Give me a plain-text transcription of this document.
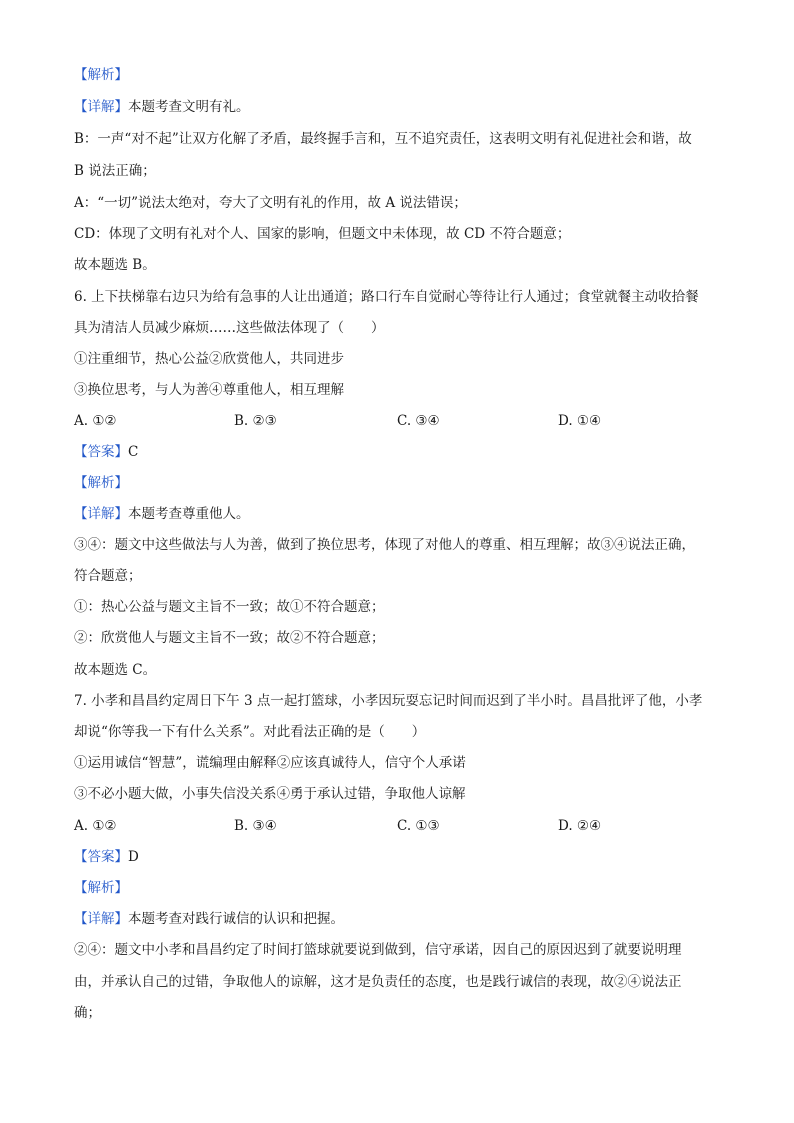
【解析】
【详解】本题考查文明有礼。
B：一声“对不起”让双方化解了矛盾，最终握手言和，互不追究责任，这表明文明有礼促进社会和谐，故
B 说法正确；
A：“一切”说法太绝对，夸大了文明有礼的作用，故 A 说法错误；
CD：体现了文明有礼对个人、国家的影响，但题文中未体现，故 CD 不符合题意；
故本题选 B。
6. 上下扶梯靠右边只为给有急事的人让出通道；路口行车自觉耐心等待让行人通过；食堂就餐主动收拾餐
具为清洁人员减少麻烦……这些做法体现了（　　）
①注重细节，热心公益②欣赏他人，共同进步
③换位思考，与人为善④尊重他人，相互理解
A. ①②	B. ②③	C. ③④	D. ①④
【答案】C
【解析】
【详解】本题考查尊重他人。
③④：题文中这些做法与人为善，做到了换位思考，体现了对他人的尊重、相互理解；故③④说法正确，
符合题意；
①：热心公益与题文主旨不一致；故①不符合题意；
②：欣赏他人与题文主旨不一致；故②不符合题意；
故本题选 C。
7. 小孝和昌昌约定周日下午 3 点一起打篮球，小孝因玩耍忘记时间而迟到了半小时。昌昌批评了他，小孝
却说“你等我一下有什么关系”。对此看法正确的是（　　）
①运用诚信“智慧”，谎编理由解释②应该真诚待人，信守个人承诺
③不必小题大做，小事失信没关系④勇于承认过错，争取他人谅解
A. ①②	B. ③④	C. ①③	D. ②④
【答案】D
【解析】
【详解】本题考查对践行诚信的认识和把握。
②④：题文中小孝和昌昌约定了时间打篮球就要说到做到，信守承诺，因自己的原因迟到了就要说明理
由，并承认自己的过错，争取他人的谅解，这才是负责任的态度，也是践行诚信的表现，故②④说法正
确；
